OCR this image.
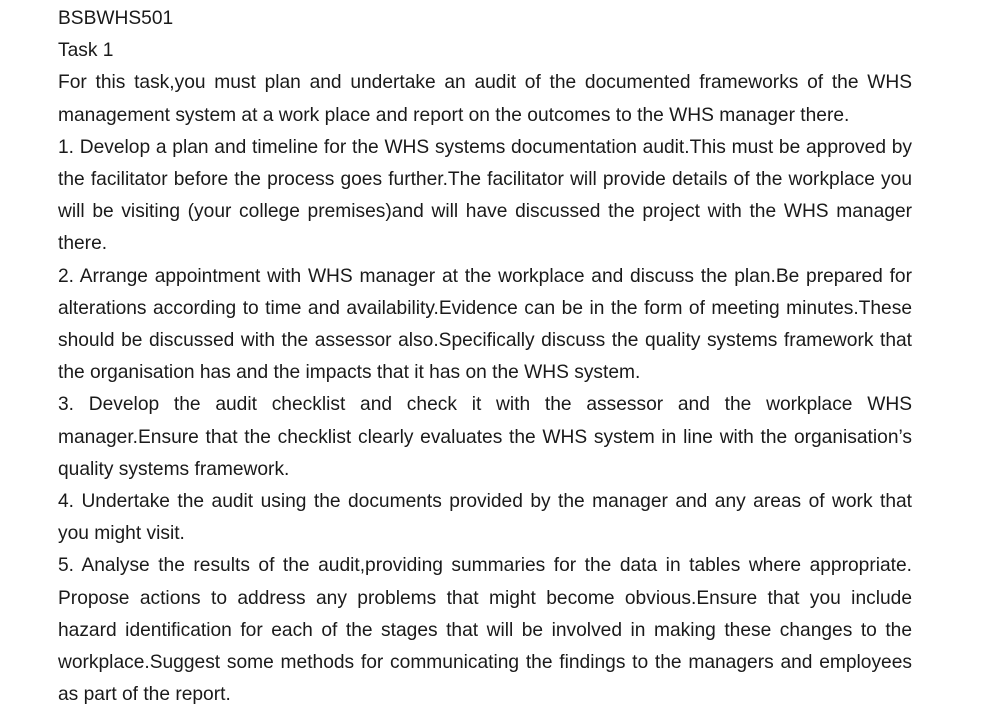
BSBWHS501

Task 1

For this task,you must plan and undertake an audit of the documented frameworks of the WHS management system at a work place and report on the outcomes to the WHS manager there.

1. Develop a plan and timeline for the WHS systems documentation audit.This must be approved by the facilitator before the process goes further.The facilitator will provide details of the workplace you will be visiting (your college premises)and will have discussed the project with the WHS manager there.

2. Arrange appointment with WHS manager at the workplace and discuss the plan.Be prepared for alterations according to time and availability.Evidence can be in the form of meeting minutes.These should be discussed with the assessor also.Specifically discuss the quality systems framework that the organisation has and the impacts that it has on the WHS system.

3. Develop the audit checklist and check it with the assessor and the workplace WHS manager.Ensure that the checklist clearly evaluates the WHS system in line with the organisation’s quality systems framework.

4. Undertake the audit using the documents provided by the manager and any areas of work that you might visit.

5. Analyse the results of the audit,providing summaries for the data in tables where appropriate. Propose actions to address any problems that might become obvious.Ensure that you include hazard identification for each of the stages that will be involved in making these changes to the workplace.Suggest some methods for communicating the findings to the managers and employees as part of the report.
